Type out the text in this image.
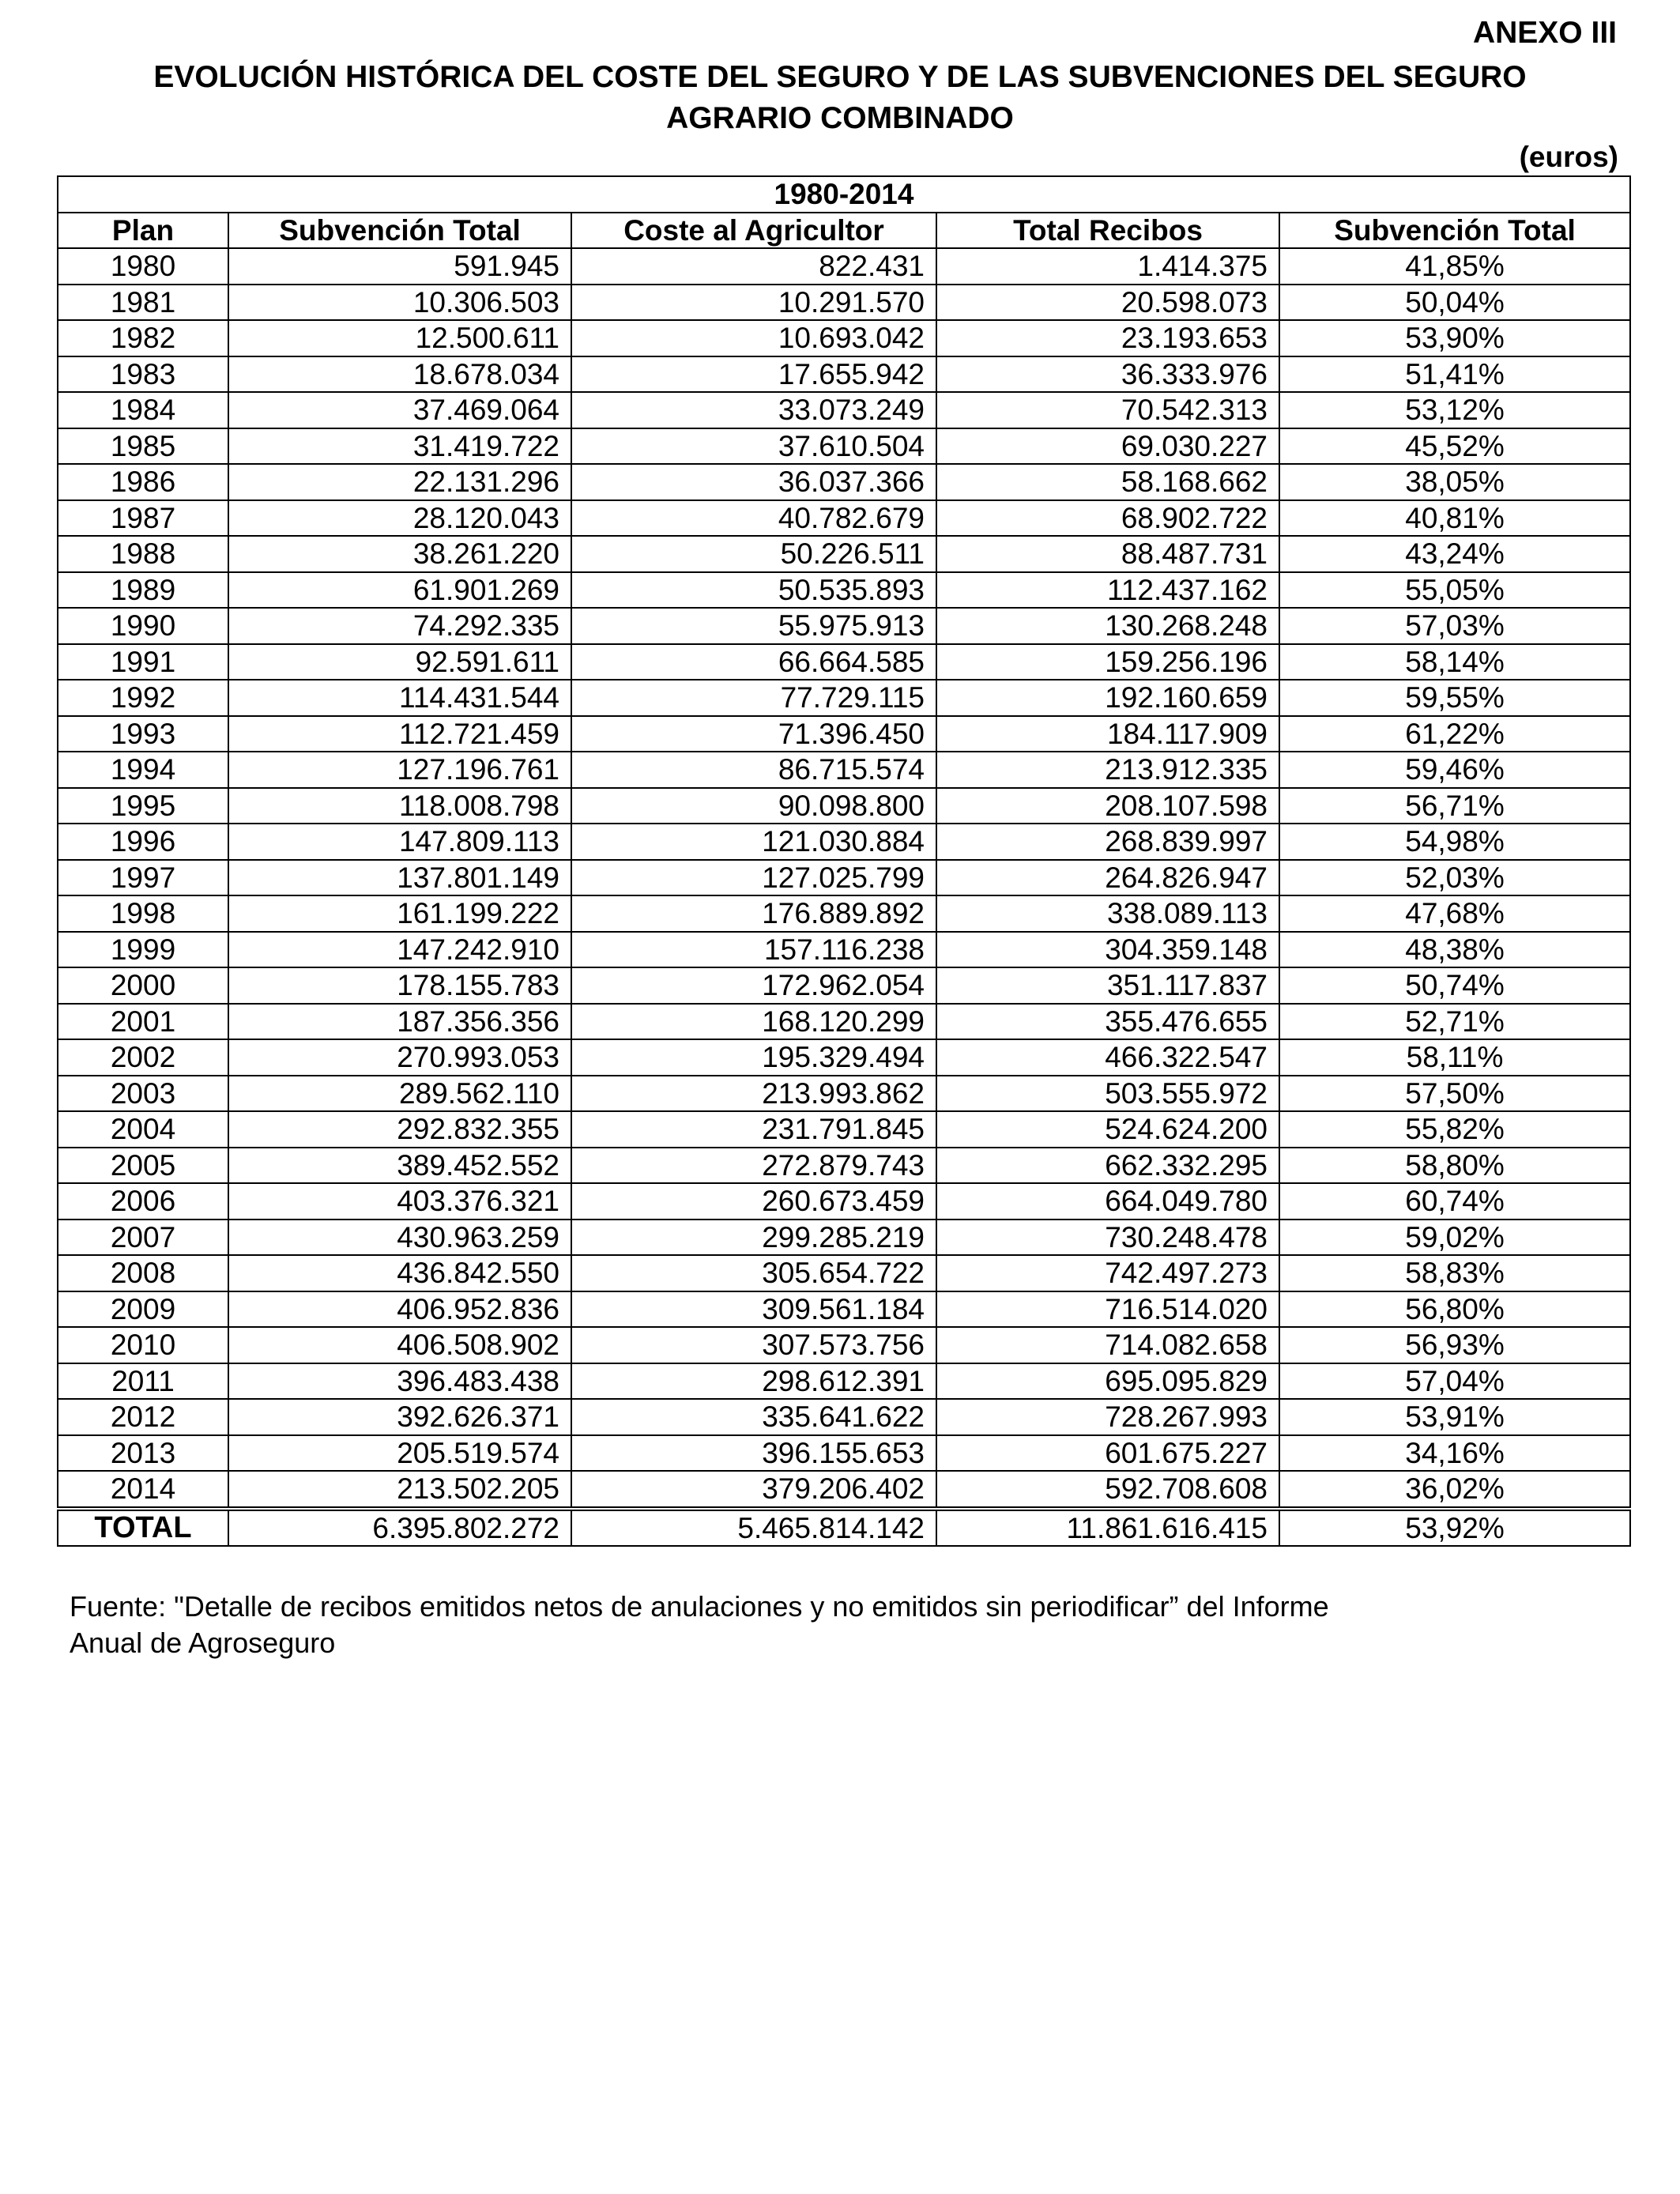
ANEXO III
EVOLUCIÓN HISTÓRICA DEL COSTE DEL SEGURO Y DE LAS SUBVENCIONES DEL SEGURO
AGRARIO COMBINADO
(euros)
1980-2014				
Plan	Subvención Total	Coste al Agricultor	Total Recibos	Subvención Total
1980	591.945	822.431	1.414.375	41,85%
1981	10.306.503	10.291.570	20.598.073	50,04%
1982	12.500.611	10.693.042	23.193.653	53,90%
1983	18.678.034	17.655.942	36.333.976	51,41%
1984	37.469.064	33.073.249	70.542.313	53,12%
1985	31.419.722	37.610.504	69.030.227	45,52%
1986	22.131.296	36.037.366	58.168.662	38,05%
1987	28.120.043	40.782.679	68.902.722	40,81%
1988	38.261.220	50.226.511	88.487.731	43,24%
1989	61.901.269	50.535.893	112.437.162	55,05%
1990	74.292.335	55.975.913	130.268.248	57,03%
1991	92.591.611	66.664.585	159.256.196	58,14%
1992	114.431.544	77.729.115	192.160.659	59,55%
1993	112.721.459	71.396.450	184.117.909	61,22%
1994	127.196.761	86.715.574	213.912.335	59,46%
1995	118.008.798	90.098.800	208.107.598	56,71%
1996	147.809.113	121.030.884	268.839.997	54,98%
1997	137.801.149	127.025.799	264.826.947	52,03%
1998	161.199.222	176.889.892	338.089.113	47,68%
1999	147.242.910	157.116.238	304.359.148	48,38%
2000	178.155.783	172.962.054	351.117.837	50,74%
2001	187.356.356	168.120.299	355.476.655	52,71%
2002	270.993.053	195.329.494	466.322.547	58,11%
2003	289.562.110	213.993.862	503.555.972	57,50%
2004	292.832.355	231.791.845	524.624.200	55,82%
2005	389.452.552	272.879.743	662.332.295	58,80%
2006	403.376.321	260.673.459	664.049.780	60,74%
2007	430.963.259	299.285.219	730.248.478	59,02%
2008	436.842.550	305.654.722	742.497.273	58,83%
2009	406.952.836	309.561.184	716.514.020	56,80%
2010	406.508.902	307.573.756	714.082.658	56,93%
2011	396.483.438	298.612.391	695.095.829	57,04%
2012	392.626.371	335.641.622	728.267.993	53,91%
2013	205.519.574	396.155.653	601.675.227	34,16%
2014	213.502.205	379.206.402	592.708.608	36,02%
TOTAL	6.395.802.272	5.465.814.142	11.861.616.415	53,92%
Fuente: "Detalle de recibos emitidos netos de anulaciones y no emitidos sin periodificar” del Informe
Anual de Agroseguro
